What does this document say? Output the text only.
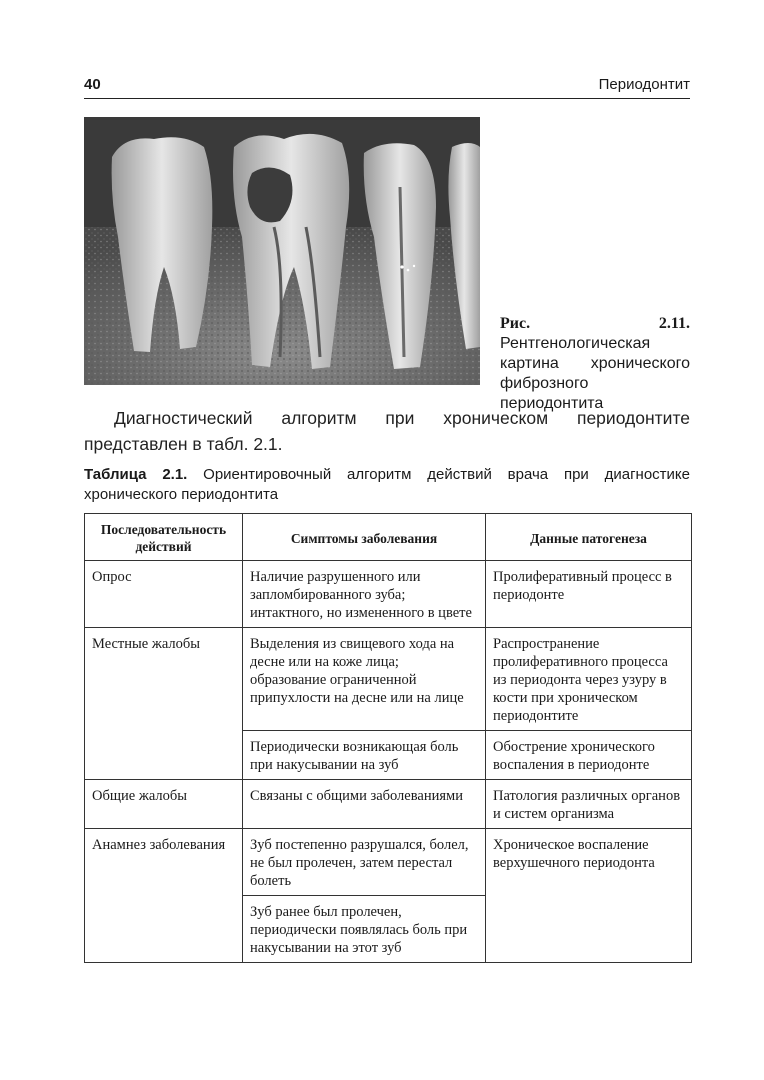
40	Периодонтит
Рис. 2.11. Рентгенологическая картина хронического фиброзного периодонтита
Диагностический алгоритм при хроническом периодонтите представлен в табл. 2.1.
Таблица 2.1. Ориентировочный алгоритм действий врача при диагностике хронического периодонтита
Последовательность действий	Симптомы заболевания	Данные патогенеза
Опрос	Наличие разрушенного или запломбированного зуба; интактного, но измененного в цвете	Пролиферативный процесс в периодонте
Местные жалобы	Выделения из свищевого хода на десне или на коже лица; образование ограниченной припухлости на десне или на лице	Распространение пролиферативного процесса из периодонта через узуру в кости при хроническом периодонтите
	Периодически возникающая боль при накусывании на зуб	Обострение хронического воспаления в периодонте
Общие жалобы	Связаны с общими заболеваниями	Патология различных органов и систем организма
Анамнез заболевания	Зуб постепенно разрушался, болел, не был пролечен, затем перестал болеть	Хроническое воспаление верхушечного периодонта
	Зуб ранее был пролечен, периодически появлялась боль при накусывании на этот зуб	
